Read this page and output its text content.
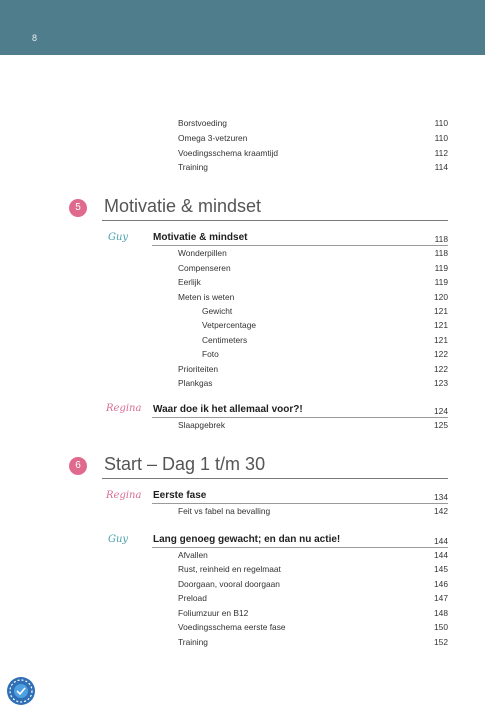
8
Borstvoeding	110
Omega 3-vetzuren	110
Voedingsschema kraamtijd	112
Training	114
5	Motivatie & mindset
Guy Motivatie & mindset	118
Wonderpillen	118
Compenseren	119
Eerlijk	119
Meten is weten	120
Gewicht	121
Vetpercentage	121
Centimeters	121
Foto	122
Prioriteiten	122
Plankgas	123
Regina Waar doe ik het allemaal voor?!	124
Slaapgebrek	125
6	Start – Dag 1 t/m 30
Regina Eerste fase	134
Feit vs fabel na bevalling	142
Guy Lang genoeg gewacht; en dan nu actie!	144
Afvallen	144
Rust, reinheid en regelmaat	145
Doorgaan, vooral doorgaan	146
Preload	147
Foliumzuur en B12	148
Voedingsschema eerste fase	150
Training	152
